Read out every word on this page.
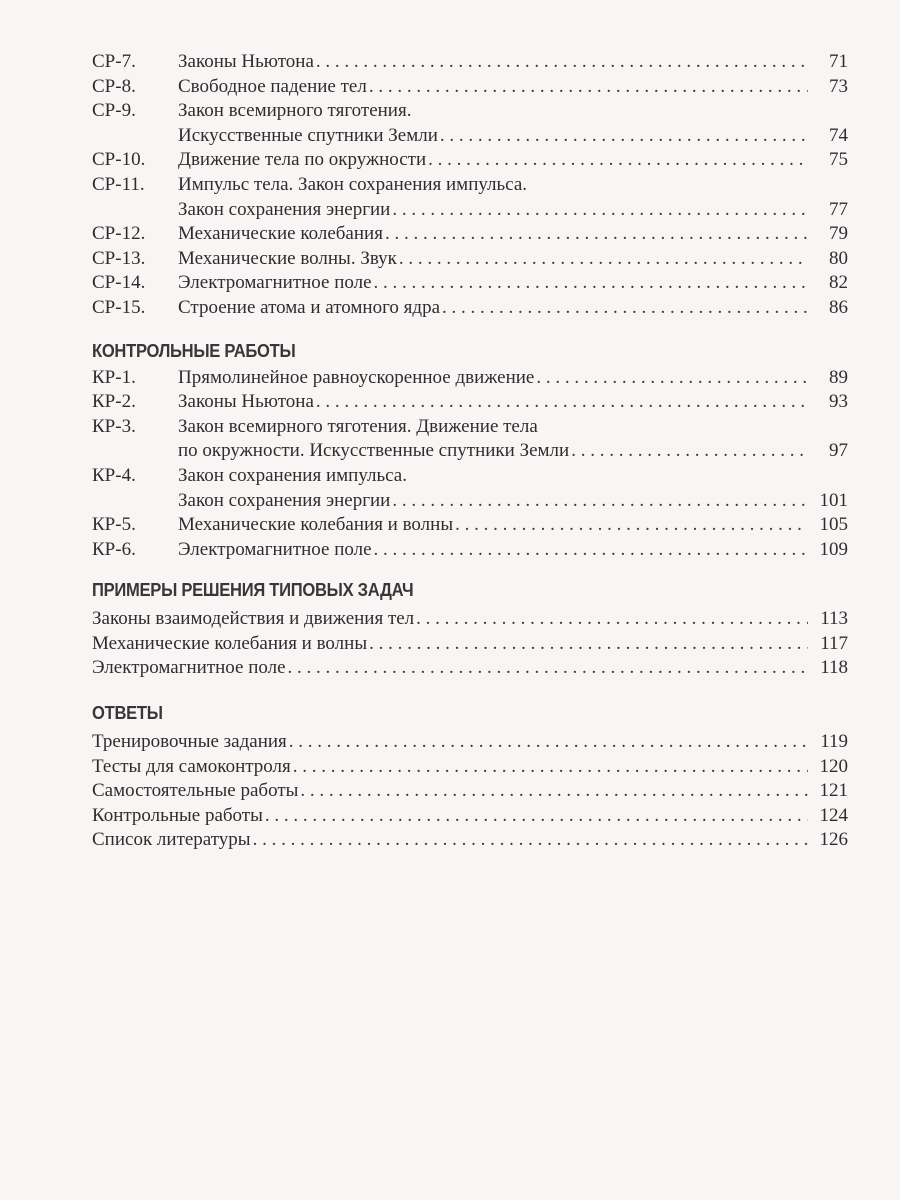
СР-7.	Законы Ньютона . . .	71
СР-8.	Свободное падение тел . . .	73
СР-9.	Закон всемирного тяготения.
Искусственные спутники Земли . . .	74
СР-10.	Движение тела по окружности . . .	75
СР-11.	Импульс тела. Закон сохранения импульса.
Закон сохранения энергии . . .	77
СР-12.	Механические колебания . . .	79
СР-13.	Механические волны. Звук . . .	80
СР-14.	Электромагнитное поле . . .	82
СР-15.	Строение атома и атомного ядра . . .	86
КОНТРОЛЬНЫЕ РАБОТЫ
КР-1.	Прямолинейное равноускоренное движение . . .	89
КР-2.	Законы Ньютона . . .	93
КР-3.	Закон всемирного тяготения. Движение тела
по окружности. Искусственные спутники Земли . . .	97
КР-4.	Закон сохранения импульса.
Закон сохранения энергии . . .	101
КР-5.	Механические колебания и волны . . .	105
КР-6.	Электромагнитное поле . . .	109
ПРИМЕРЫ РЕШЕНИЯ ТИПОВЫХ ЗАДАЧ
Законы взаимодействия и движения тел . . .	113
Механические колебания и волны . . .	117
Электромагнитное поле . . .	118
ОТВЕТЫ
Тренировочные задания . . .	119
Тесты для самоконтроля . . .	120
Самостоятельные работы . . .	121
Контрольные работы . . .	124
Список литературы . . .	126
